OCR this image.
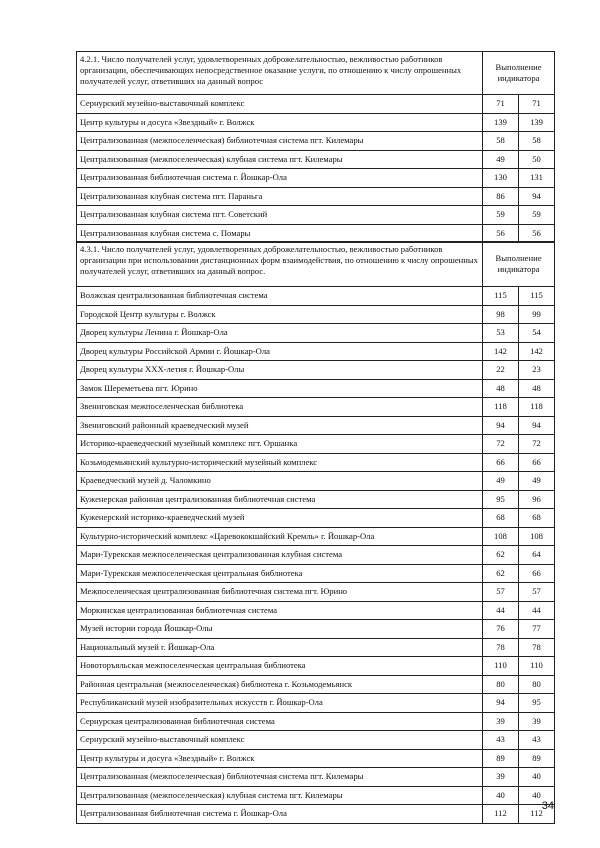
4.2.1. Число получателей услуг, удовлетворенных доброжелательностью, вежливостью работников организации, обеспечивающих непосредственное оказание услуги, по отношению к числу опрошенных получателей услуг, ответивших на данный вопрос	Выполнение
индикатора	

Сернурский музейно-выставочный комплекс	71	71
Центр культуры и досуга «Звездный» г. Волжск	139	139
Централизованная (межпоселенческая) библиотечная система пгт. Килемары	58	58
Централизованная (межпоселенческая) клубная система пгт. Килемары	49	50
Централизованная библиотечная система г. Йошкар-Ола	130	131
Централизованная клубная система пгт. Параньга	86	94
Централизованная клубная система пгт. Советский	59	59
Централизованная клубная система с. Помары	56	56
4.3.1. Число получателей услуг, удовлетворенных доброжелательностью, вежливостью работников организации при использовании дистанционных форм взаимодействия, по отношению к числу опрошенных получателей услуг, ответивших на данный вопрос.	Выполнение
индикатора	

Волжская централизованная библиотечная система	115	115
Городской Центр культуры г. Волжск	98	99
Дворец культуры Ленина г. Йошкар-Ола	53	54
Дворец культуры Российской Армии г. Йошкар-Ола	142	142
Дворец культуры ХХХ-летия г. Йошкар-Олы	22	23
Замок Шереметьева пгт. Юрино	48	48
Звениговская межпоселенческая библиотека	118	118
Звениговский районный краеведческий музей	94	94
Историко-краеведческий музейный комплекс пгт. Оршанка	72	72
Козьмодемьянский культурно-исторический музейный комплекс	66	66
Краеведческий музей д. Чаломкино	49	49
Куженерская районная централизованная библиотечная система	95	96
Куженерский историко-краеведческий музей	68	68
Культурно-исторический комплекс «Царевококшайский Кремль» г. Йошкар-Ола	108	108
Мари-Турекская межпоселенческая централизованная клубная система	62	64
Мари-Турекская межпоселенческая центральная библиотека	62	66
Межпоселенческая централизованная библиотечная система пгт. Юрино	57	57
Моркинская централизованная библиотечная система	44	44
Музей истории города Йошкар-Олы	76	77
Национальный музей г. Йошкар-Ола	78	78
Новоторъяльская межпоселенческая центральная библиотека	110	110
Районная центральная (межпоселенческая) библиотека г. Козьмодемьянск	80	80
Республиканский музей изобразительных искусств г. Йошкар-Ола	94	95
Сернурская централизованная библиотечная система	39	39
Сернурский музейно-выставочный комплекс	43	43
Центр культуры и досуга «Звездный» г. Волжск	89	89
Централизованная (межпоселенческая) библиотечная система пгт. Килемары	39	40
Централизованная (межпоселенческая) клубная система пгт. Килемары	40	40
Централизованная библиотечная система г. Йошкар-Ола	112	112
34
